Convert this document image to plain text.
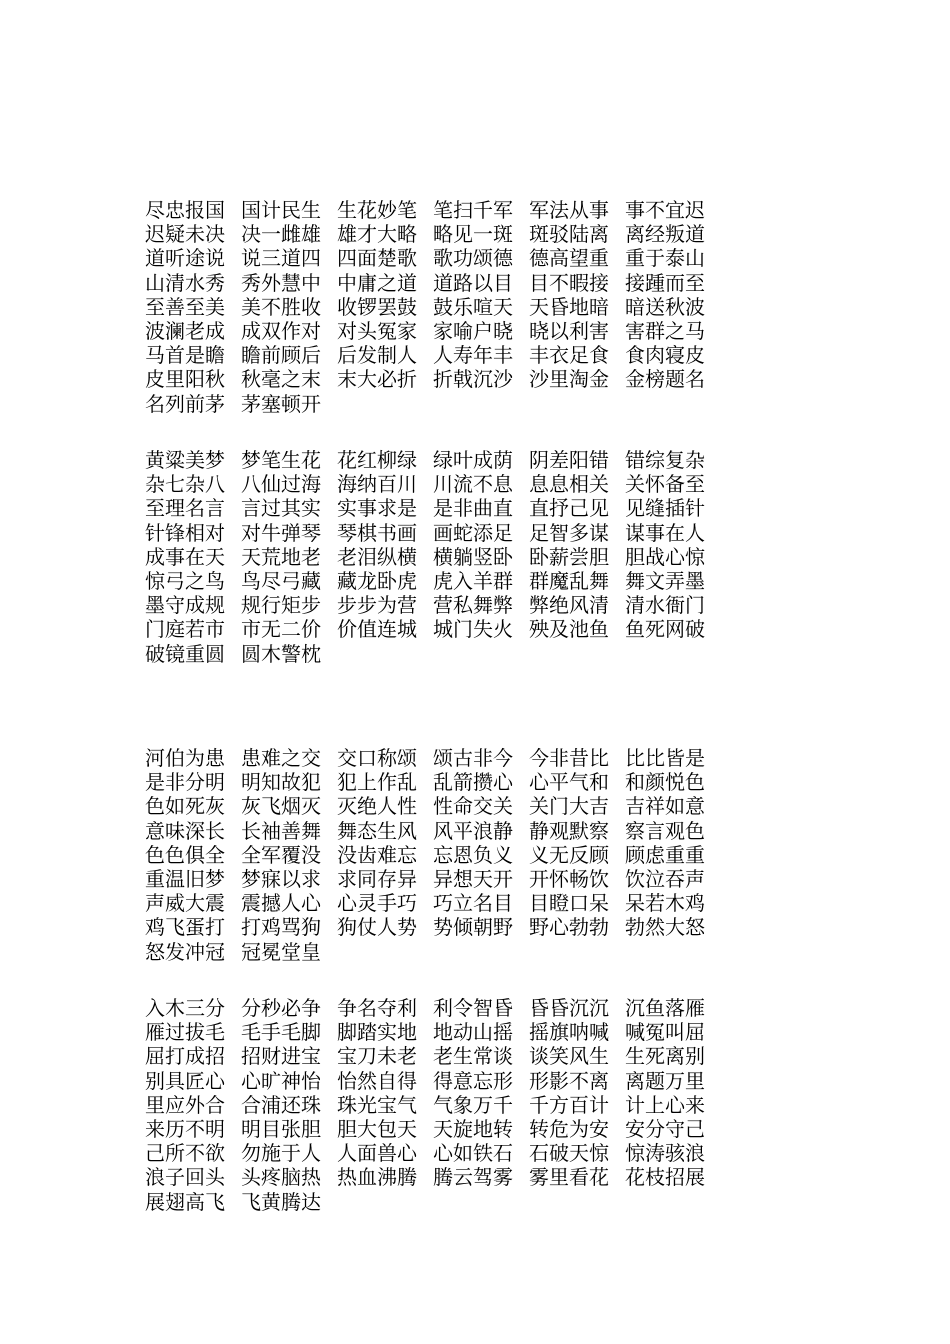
尽忠报国 国计民生 生花妙笔 笔扫千军 军法从事 事不宜迟
迟疑未决 决一雌雄 雄才大略 略见一斑 斑驳陆离 离经叛道
道听途说 说三道四 四面楚歌 歌功颂德 德高望重 重于泰山
山清水秀 秀外慧中 中庸之道 道路以目 目不暇接 接踵而至
至善至美 美不胜收 收锣罢鼓 鼓乐喧天 天昏地暗 暗送秋波
波澜老成 成双作对 对头冤家 家喻户晓 晓以利害 害群之马
马首是瞻 瞻前顾后 后发制人 人寿年丰 丰衣足食 食肉寝皮
皮里阳秋 秋毫之末 末大必折 折戟沉沙 沙里淘金 金榜题名
名列前茅 茅塞顿开
黄粱美梦 梦笔生花 花红柳绿 绿叶成荫 阴差阳错 错综复杂
杂七杂八 八仙过海 海纳百川 川流不息 息息相关 关怀备至
至理名言 言过其实 实事求是 是非曲直 直抒己见 见缝插针
针锋相对 对牛弹琴 琴棋书画 画蛇添足 足智多谋 谋事在人
成事在天 天荒地老 老泪纵横 横躺竖卧 卧薪尝胆 胆战心惊
惊弓之鸟 鸟尽弓藏 藏龙卧虎 虎入羊群 群魔乱舞 舞文弄墨
墨守成规 规行矩步 步步为营 营私舞弊 弊绝风清 清水衙门
门庭若市 市无二价 价值连城 城门失火 殃及池鱼 鱼死网破
破镜重圆 圆木警枕
河伯为患 患难之交 交口称颂 颂古非今 今非昔比 比比皆是
是非分明 明知故犯 犯上作乱 乱箭攒心 心平气和 和颜悦色
色如死灰 灰飞烟灭 灭绝人性 性命交关 关门大吉 吉祥如意
意味深长 长袖善舞 舞态生风 风平浪静 静观默察 察言观色
色色俱全 全军覆没 没齿难忘 忘恩负义 义无反顾 顾虑重重
重温旧梦 梦寐以求 求同存异 异想天开 开怀畅饮 饮泣吞声
声威大震 震撼人心 心灵手巧 巧立名目 目瞪口呆 呆若木鸡
鸡飞蛋打 打鸡骂狗 狗仗人势 势倾朝野 野心勃勃 勃然大怒
怒发冲冠 冠冕堂皇
入木三分 分秒必争 争名夺利 利令智昏 昏昏沉沉 沉鱼落雁
雁过拔毛 毛手毛脚 脚踏实地 地动山摇 摇旗呐喊 喊冤叫屈
屈打成招 招财进宝 宝刀未老 老生常谈 谈笑风生 生死离别
别具匠心 心旷神怡 怡然自得 得意忘形 形影不离 离题万里
里应外合 合浦还珠 珠光宝气 气象万千 千方百计 计上心来
来历不明 明目张胆 胆大包天 天旋地转 转危为安 安分守己
己所不欲 勿施于人 人面兽心 心如铁石 石破天惊 惊涛骇浪
浪子回头 头疼脑热 热血沸腾 腾云驾雾 雾里看花 花枝招展
展翅高飞 飞黄腾达
